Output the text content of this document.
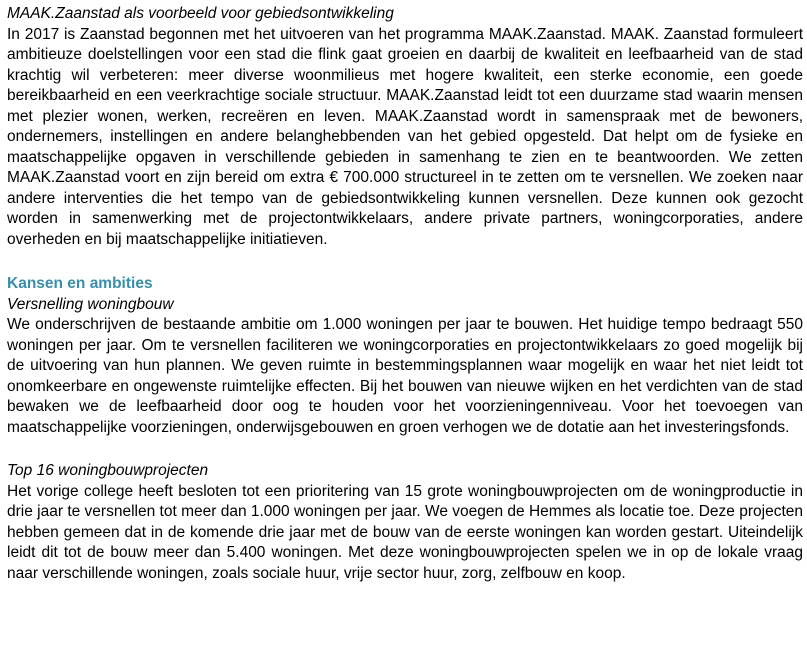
MAAK.Zaanstad als voorbeeld voor gebiedsontwikkeling

In 2017 is Zaanstad begonnen met het uitvoeren van het programma MAAK.Zaanstad. MAAK. Zaanstad formuleert ambitieuze doelstellingen voor een stad die flink gaat groeien en daarbij de kwaliteit en leefbaarheid van de stad krachtig wil verbeteren: meer diverse woonmilieus met hogere kwaliteit, een sterke economie, een goede bereikbaarheid en een veerkrachtige sociale structuur. MAAK.Zaanstad leidt tot een duurzame stad waarin mensen met plezier wonen, werken, recreëren en leven. MAAK.Zaanstad wordt in samenspraak met de bewoners, ondernemers, instellingen en andere belanghebbenden van het gebied opgesteld. Dat helpt om de fysieke en maatschappelijke opgaven in verschillende gebieden in samenhang te zien en te beantwoorden. We zetten MAAK.Zaanstad voort en zijn bereid om extra € 700.000 structureel in te zetten om te versnellen. We zoeken naar andere interventies die het tempo van de gebiedsontwikkeling kunnen versnellen. Deze kunnen ook gezocht worden in samenwerking met de projectontwikkelaars, andere private partners, woningcorporaties, andere overheden en bij maatschappelijke initiatieven.

Kansen en ambities

Versnelling woningbouw

We onderschrijven de bestaande ambitie om 1.000 woningen per jaar te bouwen. Het huidige tempo bedraagt 550 woningen per jaar. Om te versnellen faciliteren we woningcorporaties en projectontwikkelaars zo goed mogelijk bij de uitvoering van hun plannen. We geven ruimte in bestemmingsplannen waar mogelijk en waar het niet leidt tot onomkeerbare en ongewenste ruimtelijke effecten. Bij het bouwen van nieuwe wijken en het verdichten van de stad bewaken we de leefbaarheid door oog te houden voor het voorzieningenniveau. Voor het toevoegen van maatschappelijke voorzieningen, onderwijsgebouwen en groen verhogen we de dotatie aan het investeringsfonds.

Top 16 woningbouwprojecten

Het vorige college heeft besloten tot een prioritering van 15 grote woningbouwprojecten om de woningproductie in drie jaar te versnellen tot meer dan 1.000 woningen per jaar. We voegen de Hemmes als locatie toe. Deze projecten hebben gemeen dat in de komende drie jaar met de bouw van de eerste woningen kan worden gestart. Uiteindelijk leidt dit tot de bouw meer dan 5.400 woningen. Met deze woningbouwprojecten spelen we in op de lokale vraag naar verschillende woningen, zoals sociale huur, vrije sector huur, zorg, zelfbouw en koop.
